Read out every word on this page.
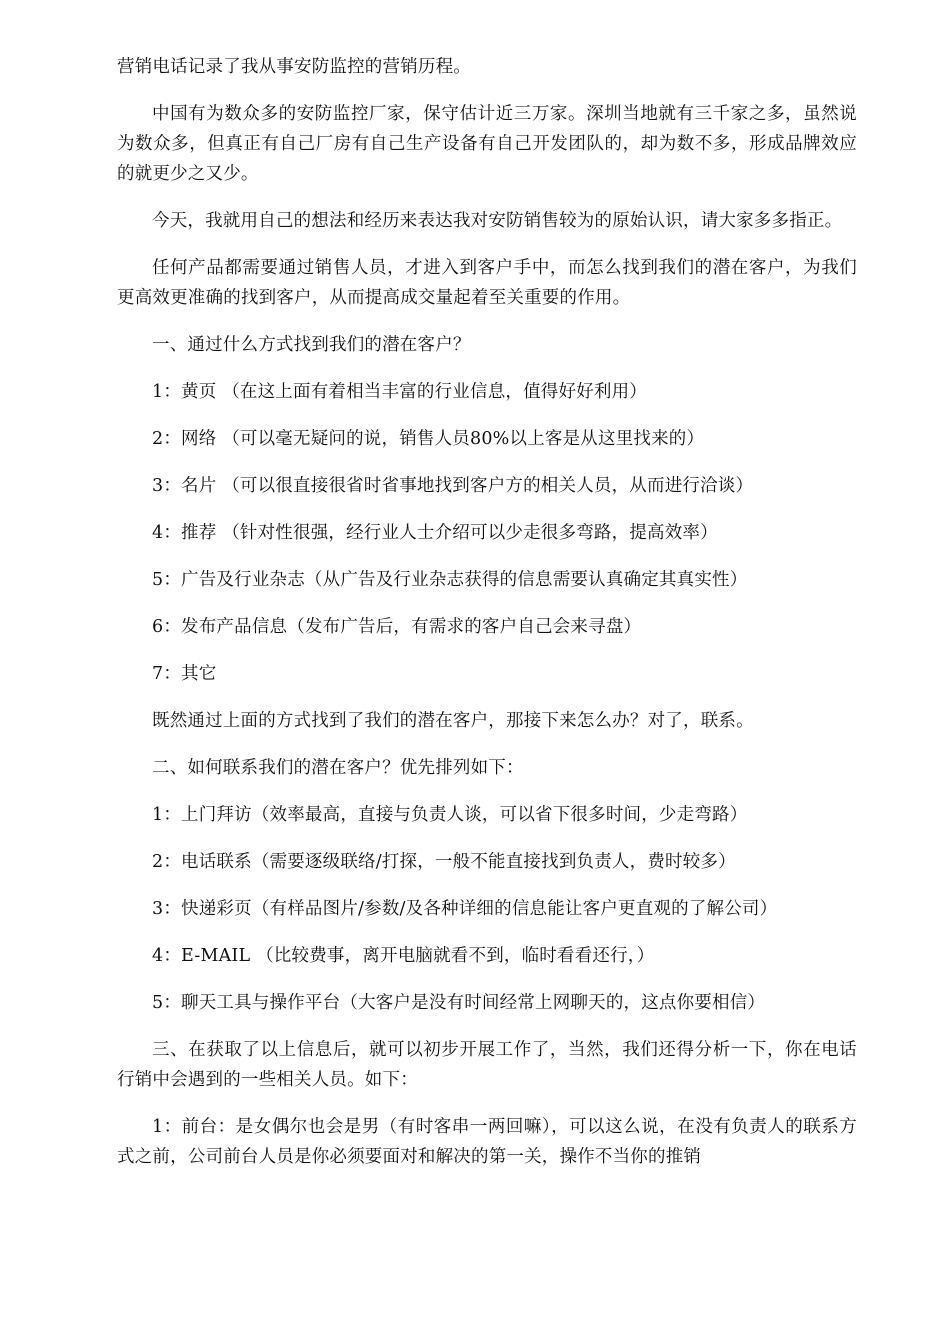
营销电话记录了我从事安防监控的营销历程。

中国有为数众多的安防监控厂家，保守估计近三万家。深圳当地就有三千家之多，虽然说为数众多，但真正有自己厂房有自己生产设备有自己开发团队的，却为数不多，形成品牌效应的就更少之又少。

今天，我就用自己的想法和经历来表达我对安防销售较为的原始认识，请大家多多指正。

任何产品都需要通过销售人员，才进入到客户手中，而怎么找到我们的潜在客户，为我们更高效更准确的找到客户，从而提高成交量起着至关重要的作用。

一、通过什么方式找到我们的潜在客户？

1：黄页 （在这上面有着相当丰富的行业信息，值得好好利用）

2：网络 （可以毫无疑问的说，销售人员80%以上客是从这里找来的）

3：名片 （可以很直接很省时省事地找到客户方的相关人员，从而进行洽谈）

4：推荐 （针对性很强，经行业人士介绍可以少走很多弯路，提高效率）

5：广告及行业杂志（从广告及行业杂志获得的信息需要认真确定其真实性）

6：发布产品信息（发布广告后，有需求的客户自己会来寻盘）

7：其它

既然通过上面的方式找到了我们的潜在客户，那接下来怎么办？对了，联系。

二、如何联系我们的潜在客户？优先排列如下：

1：上门拜访（效率最高，直接与负责人谈，可以省下很多时间，少走弯路）

2：电话联系（需要逐级联络/打探，一般不能直接找到负责人，费时较多）

3：快递彩页（有样品图片/参数/及各种详细的信息能让客户更直观的了解公司）

4：E-MAIL （比较费事，离开电脑就看不到，临时看看还行，）

5：聊天工具与操作平台（大客户是没有时间经常上网聊天的，这点你要相信）

三、在获取了以上信息后，就可以初步开展工作了，当然，我们还得分析一下，你在电话行销中会遇到的一些相关人员。如下：

1：前台：是女偶尔也会是男（有时客串一两回嘛），可以这么说，在没有负责人的联系方式之前，公司前台人员是你必须要面对和解决的第一关，操作不当你的推销
